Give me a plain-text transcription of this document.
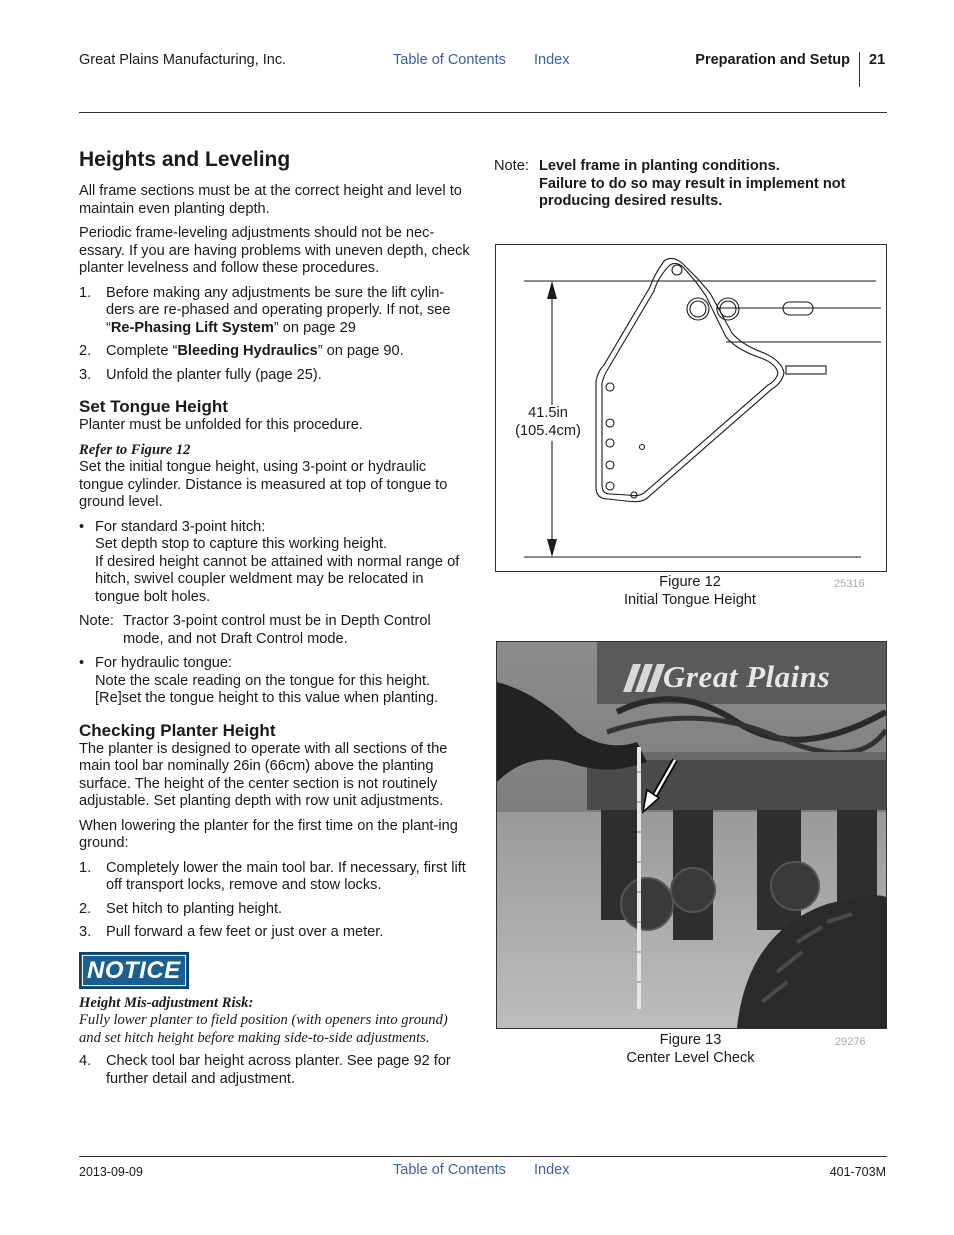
Great Plains Manufacturing, Inc.	Table of Contents Index	Preparation and Setup 21
Heights and Leveling

All frame sections must be at the correct height and level to maintain even planting depth.

Periodic frame-leveling adjustments should not be nec-essary. If you are having problems with uneven depth, check planter levelness and follow these procedures.

1. Before making any adjustments be sure the lift cylin-ders are re-phased and operating properly. If not, see “Re-Phasing Lift System” on page 29
2. Complete “Bleeding Hydraulics” on page 90.
3. Unfold the planter fully (page 25).
Set Tongue Height

Planter must be unfolded for this procedure.

Refer to Figure 12

Set the initial tongue height, using 3-point or hydraulic tongue cylinder. Distance is measured at top of tongue to ground level.

• For standard 3-point hitch:
Set depth stop to capture this working height.
If desired height cannot be attained with normal range of hitch, swivel coupler weldment may be relocated in tongue bolt holes.
Note: Tractor 3-point control must be in Depth Control mode, and not Draft Control mode.
• For hydraulic tongue:
Note the scale reading on the tongue for this height. [Re]set the tongue height to this value when planting.
Checking Planter Height

The planter is designed to operate with all sections of the main tool bar nominally 26in (66cm) above the planting surface. The height of the center section is not routinely adjustable. Set planting depth with row unit adjustments.

When lowering the planter for the first time on the plant-ing ground:

1. Completely lower the main tool bar. If necessary, first lift off transport locks, remove and stow locks.
2. Set hitch to planting height.
3. Pull forward a few feet or just over a meter.
NOTICE

Height Mis-adjustment Risk:

Fully lower planter to field position (with openers into ground) and set hitch height before making side-to-side adjustments.

4. Check tool bar height across planter. See page 92 for further detail and adjustment.
Note: Level frame in planting conditions.
Failure to do so may result in implement not producing desired results.
41.5in
(105.4cm)
Figure 12
Initial Tongue Height
25316
Great Plains
Figure 13
Center Level Check
29276
2013-09-09	Table of Contents Index	401-703M
